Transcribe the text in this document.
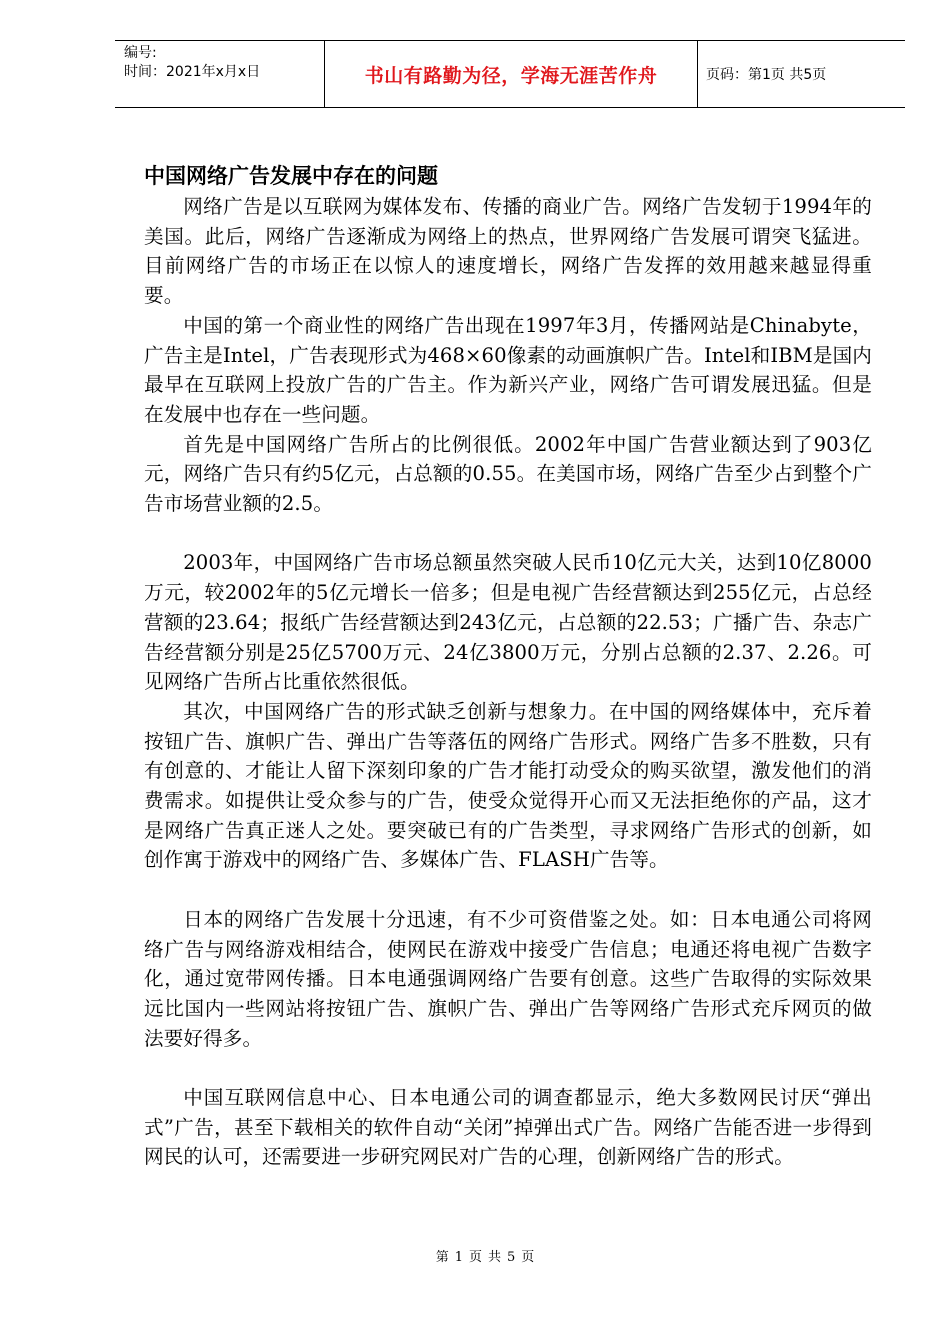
编号:
时间：2021年x月x日	书山有路勤为径，学海无涯苦作舟	页码：第1页 共5页
中国网络广告发展中存在的问题

网络广告是以互联网为媒体发布、传播的商业广告。网络广告发轫于1994年的美国。此后，网络广告逐渐成为网络上的热点，世界网络广告发展可谓突飞猛进。目前网络广告的市场正在以惊人的速度增长，网络广告发挥的效用越来越显得重要。

中国的第一个商业性的网络广告出现在1997年3月，传播网站是Chinabyte，广告主是Intel，广告表现形式为468×60像素的动画旗帜广告。Intel和IBM是国内最早在互联网上投放广告的广告主。作为新兴产业，网络广告可谓发展迅猛。但是在发展中也存在一些问题。

首先是中国网络广告所占的比例很低。2002年中国广告营业额达到了903亿元，网络广告只有约5亿元，占总额的0.55。在美国市场，网络广告至少占到整个广告市场营业额的2.5。

2003年，中国网络广告市场总额虽然突破人民币10亿元大关，达到10亿8000万元，较2002年的5亿元增长一倍多；但是电视广告经营额达到255亿元，占总经营额的23.64；报纸广告经营额达到243亿元，占总额的22.53；广播广告、杂志广告经营额分别是25亿5700万元、24亿3800万元，分别占总额的2.37、2.26。可见网络广告所占比重依然很低。

其次，中国网络广告的形式缺乏创新与想象力。在中国的网络媒体中，充斥着按钮广告、旗帜广告、弹出广告等落伍的网络广告形式。网络广告多不胜数，只有有创意的、才能让人留下深刻印象的广告才能打动受众的购买欲望，激发他们的消费需求。如提供让受众参与的广告，使受众觉得开心而又无法拒绝你的产品，这才是网络广告真正迷人之处。要突破已有的广告类型，寻求网络广告形式的创新，如创作寓于游戏中的网络广告、多媒体广告、FLASH广告等。

日本的网络广告发展十分迅速，有不少可资借鉴之处。如：日本电通公司将网络广告与网络游戏相结合，使网民在游戏中接受广告信息；电通还将电视广告数字化，通过宽带网传播。日本电通强调网络广告要有创意。这些广告取得的实际效果远比国内一些网站将按钮广告、旗帜广告、弹出广告等网络广告形式充斥网页的做法要好得多。

中国互联网信息中心、日本电通公司的调查都显示，绝大多数网民讨厌“弹出式”广告，甚至下载相关的软件自动“关闭”掉弹出式广告。网络广告能否进一步得到网民的认可，还需要进一步研究网民对广告的心理，创新网络广告的形式。

第 1 页 共 5 页
